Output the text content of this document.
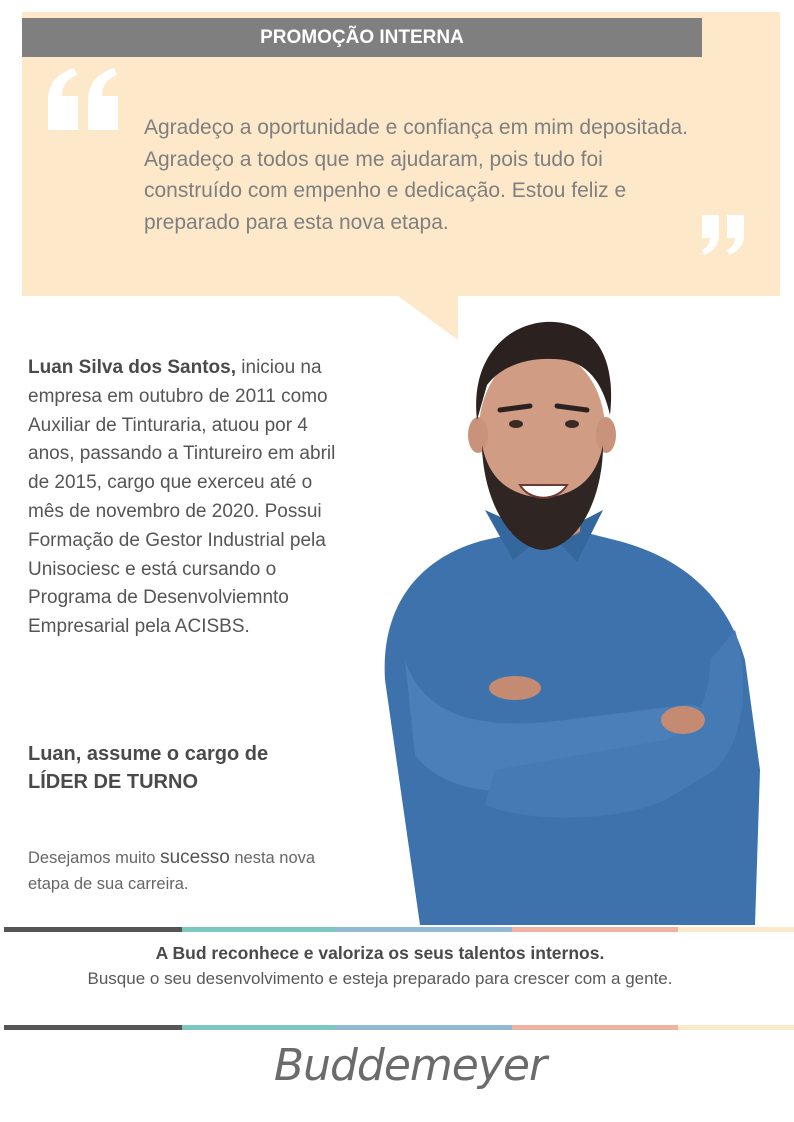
PROMOÇÃO INTERNA
Agradeço a oportunidade e confiança em mim depositada. Agradeço a todos que me ajudaram, pois tudo foi construído com empenho e dedicação. Estou feliz e preparado para esta nova etapa.
Luan Silva dos Santos, iniciou na empresa em outubro de 2011 como Auxiliar de Tinturaria, atuou por 4 anos, passando a Tintureiro em abril de 2015, cargo que exerceu até o mês de novembro de 2020. Possui Formação de Gestor Industrial pela Unisociesc e está cursando o Programa de Desenvolviemnto Empresarial pela ACISBS.
Luan, assume o cargo de
LÍDER DE TURNO
Desejamos muito sucesso nesta nova etapa de sua carreira.
A Bud reconhece e valoriza os seus talentos internos.
Busque o seu desenvolvimento e esteja preparado para crescer com a gente.
Buddemeyer
